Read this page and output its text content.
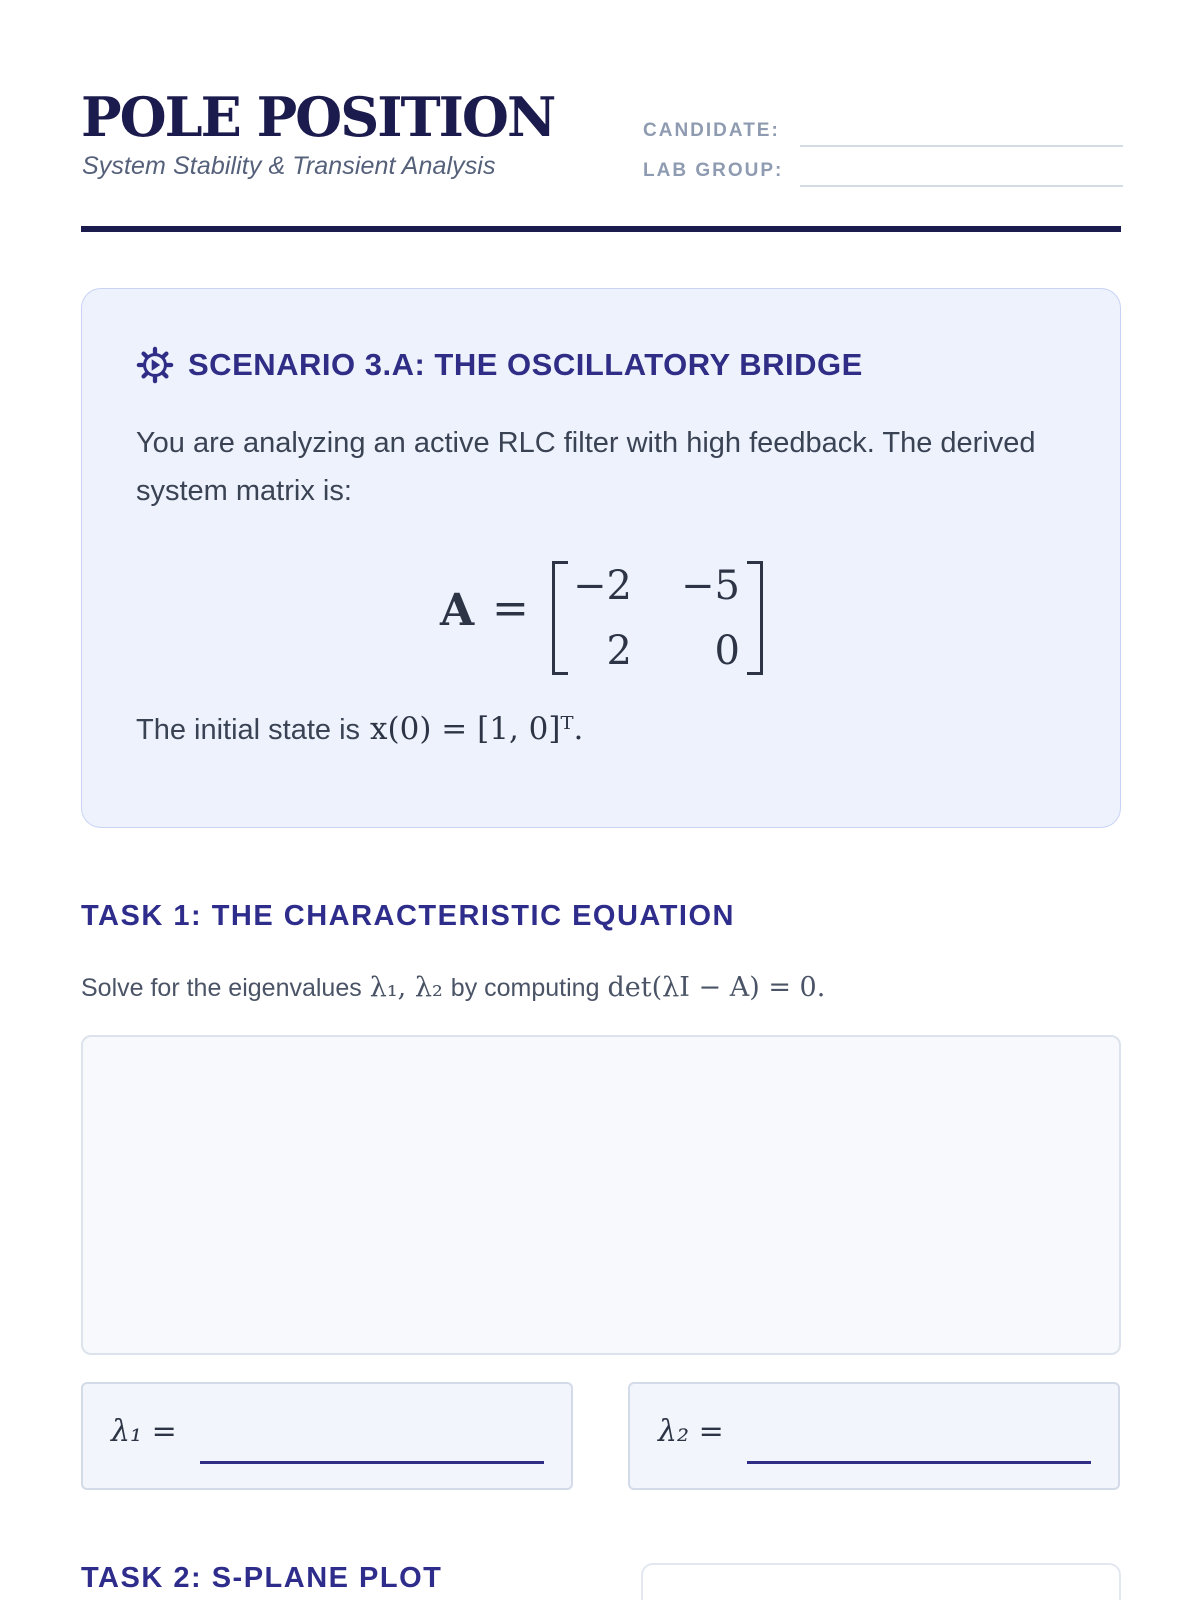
POLE POSITION
System Stability & Transient Analysis
CANDIDATE:
LAB GROUP:
SCENARIO 3.A: THE OSCILLATORY BRIDGE

You are analyzing an active RLC filter with high feedback. The derived system matrix is:

A =	−2	−5
2	0
The initial state is x(0) = [1, 0]ᵀ.
TASK 1: THE CHARACTERISTIC EQUATION
Solve for the eigenvalues λ₁, λ₂ by computing det(λI − A) = 0.
λ₁ =	λ₂ =
TASK 2: S-PLANE PLOT
